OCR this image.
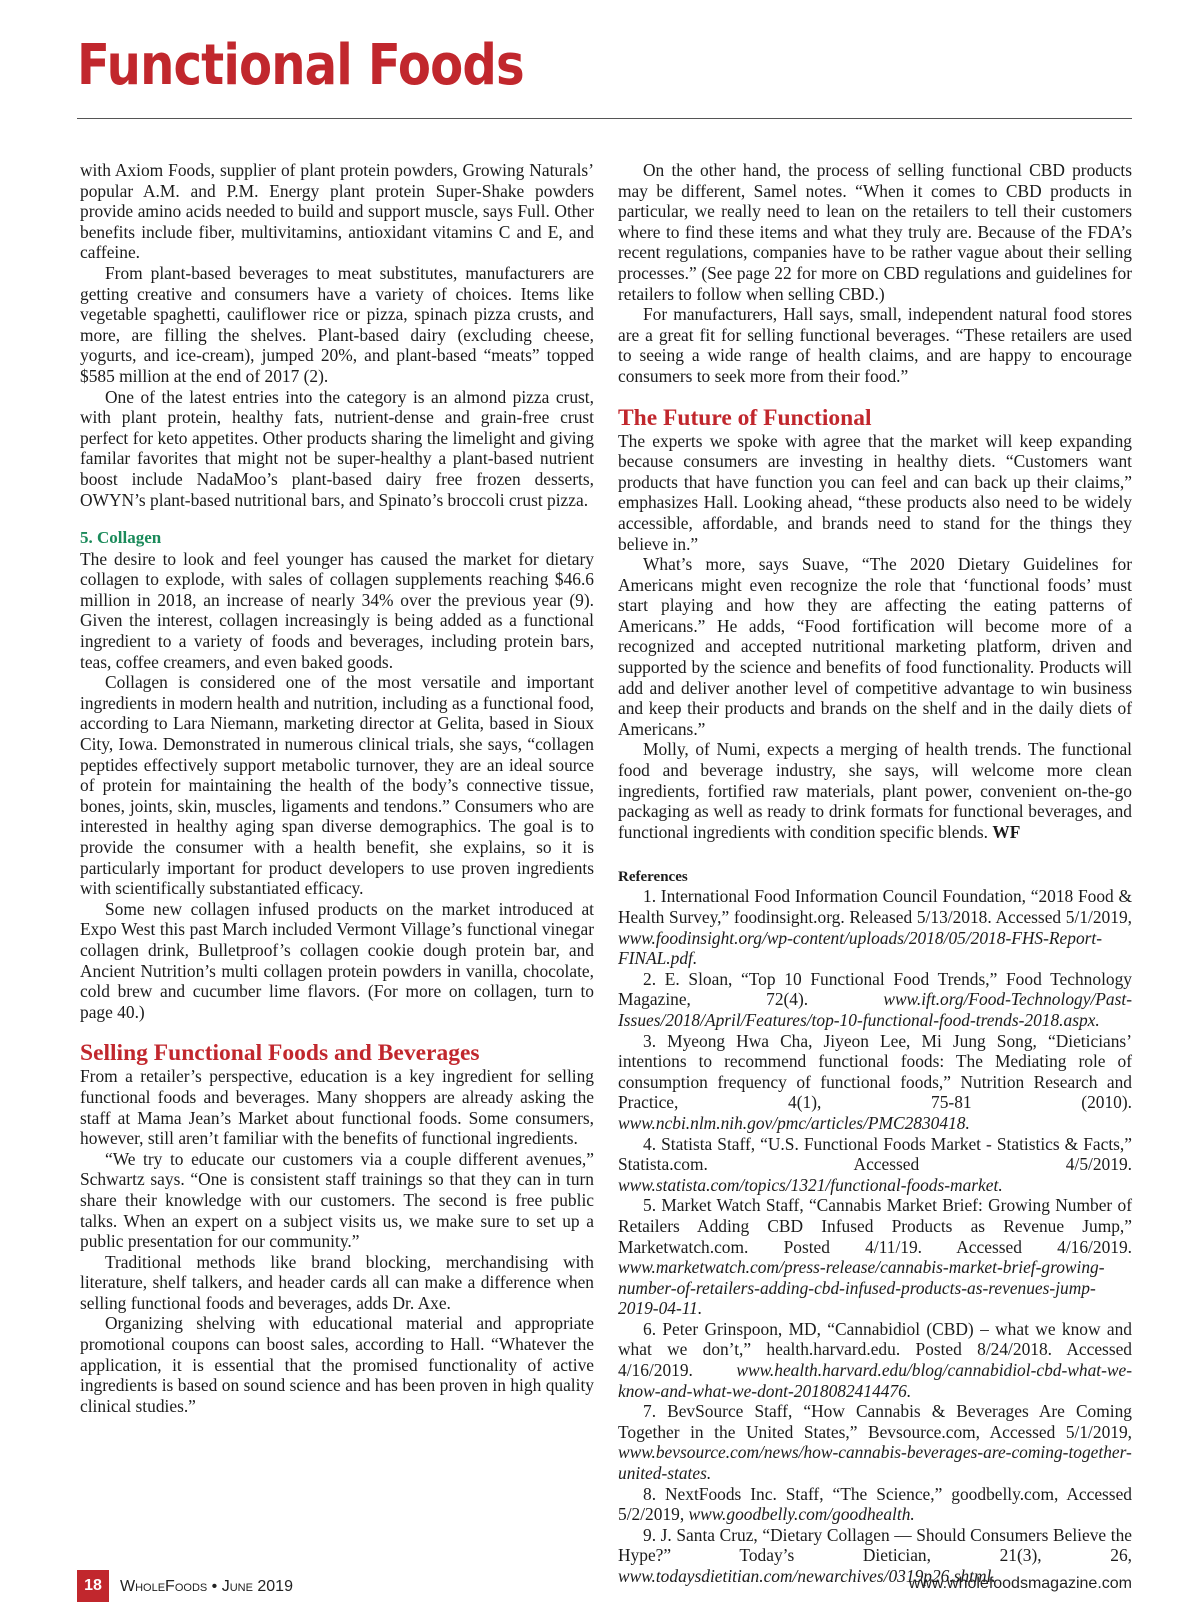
Functional Foods

with Axiom Foods, supplier of plant protein powders, Growing Naturals’ popular A.M. and P.M. Energy plant protein Super-Shake powders provide amino acids needed to build and support muscle, says Full. Other benefits include fiber, multivitamins, antioxidant vitamins C and E, and caffeine.

From plant-based beverages to meat substitutes, manufacturers are getting creative and consumers have a variety of choices. Items like vegetable spaghetti, cauliflower rice or pizza, spinach pizza crusts, and more, are filling the shelves. Plant-based dairy (excluding cheese, yogurts, and ice-cream), jumped 20%, and plant-based “meats” topped $585 million at the end of 2017 (2).

One of the latest entries into the category is an almond pizza crust, with plant protein, healthy fats, nutrient-dense and grain-free crust perfect for keto appetites. Other products sharing the limelight and giving familar favorites that might not be super-healthy a plant-based nutrient boost include NadaMoo’s plant-based dairy free frozen desserts, OWYN’s plant-based nutritional bars, and Spinato’s broccoli crust pizza.

5. Collagen

The desire to look and feel younger has caused the market for dietary collagen to explode, with sales of collagen supplements reaching $46.6 million in 2018, an increase of nearly 34% over the previous year (9). Given the interest, collagen increasingly is being added as a functional ingredient to a variety of foods and beverages, including protein bars, teas, coffee creamers, and even baked goods.

Collagen is considered one of the most versatile and important ingredients in modern health and nutrition, including as a functional food, according to Lara Niemann, marketing director at Gelita, based in Sioux City, Iowa. Demonstrated in numerous clinical trials, she says, “collagen peptides effectively support metabolic turnover, they are an ideal source of protein for maintaining the health of the body’s connective tissue, bones, joints, skin, muscles, ligaments and tendons.” Consumers who are interested in healthy aging span diverse demographics. The goal is to provide the consumer with a health benefit, she explains, so it is particularly important for product developers to use proven ingredients with scientifically substantiated efficacy.

Some new collagen infused products on the market introduced at Expo West this past March included Vermont Village’s functional vinegar collagen drink, Bulletproof’s collagen cookie dough protein bar, and Ancient Nutrition’s multi collagen protein powders in vanilla, chocolate, cold brew and cucumber lime flavors. (For more on collagen, turn to page 40.)

Selling Functional Foods and Beverages

From a retailer’s perspective, education is a key ingredient for selling functional foods and beverages. Many shoppers are already asking the staff at Mama Jean’s Market about functional foods. Some consumers, however, still aren’t familiar with the benefits of functional ingredients.

“We try to educate our customers via a couple different avenues,” Schwartz says. “One is consistent staff trainings so that they can in turn share their knowledge with our customers. The second is free public talks. When an expert on a subject visits us, we make sure to set up a public presentation for our community.”

Traditional methods like brand blocking, merchandising with literature, shelf talkers, and header cards all can make a difference when selling functional foods and beverages, adds Dr. Axe.

Organizing shelving with educational material and appropriate promotional coupons can boost sales, according to Hall. “Whatever the application, it is essential that the promised functionality of active ingredients is based on sound science and has been proven in high quality clinical studies.”

On the other hand, the process of selling functional CBD products may be different, Samel notes. “When it comes to CBD products in particular, we really need to lean on the retailers to tell their customers where to find these items and what they truly are. Because of the FDA’s recent regulations, companies have to be rather vague about their selling processes.” (See page 22 for more on CBD regulations and guidelines for retailers to follow when selling CBD.)

For manufacturers, Hall says, small, independent natural food stores are a great fit for selling functional beverages. “These retailers are used to seeing a wide range of health claims, and are happy to encourage consumers to seek more from their food.”

The Future of Functional

The experts we spoke with agree that the market will keep expanding because consumers are investing in healthy diets. “Customers want products that have function you can feel and can back up their claims,” emphasizes Hall. Looking ahead, “these products also need to be widely accessible, affordable, and brands need to stand for the things they believe in.”

What’s more, says Suave, “The 2020 Dietary Guidelines for Americans might even recognize the role that ‘functional foods’ must start playing and how they are affecting the eating patterns of Americans.” He adds, “Food fortification will become more of a recognized and accepted nutritional marketing platform, driven and supported by the science and benefits of food functionality. Products will add and deliver another level of competitive advantage to win business and keep their products and brands on the shelf and in the daily diets of Americans.”

Molly, of Numi, expects a merging of health trends. The functional food and beverage industry, she says, will welcome more clean ingredients, fortified raw materials, plant power, convenient on-the-go packaging as well as ready to drink formats for functional beverages, and functional ingredients with condition specific blends. WF

References

1. International Food Information Council Foundation, “2018 Food & Health Survey,” foodinsight.org. Released 5/13/2018. Accessed 5/1/2019, www.foodinsight.org/wp-content/uploads/2018/05/2018-FHS-Report-FINAL.pdf.

2. E. Sloan, “Top 10 Functional Food Trends,” Food Technology Magazine, 72(4).	www.ift.org/Food-Technology/Past-Issues/2018/April/Features/top-10-functional-food-trends-2018.aspx.

3. Myeong Hwa Cha, Jiyeon Lee, Mi Jung Song, “Dieticians’ intentions to recommend functional foods: The Mediating role of consumption frequency of functional foods,” Nutrition Research and Practice, 4(1), 75-81 (2010). www.ncbi.nlm.nih.gov/pmc/articles/PMC2830418.

4. Statista Staff, “U.S. Functional Foods Market - Statistics & Facts,” Statista.com. Accessed 4/5/2019. www.statista.com/topics/1321/functional-foods-market.

5. Market Watch Staff, “Cannabis Market Brief: Growing Number of Retailers Adding CBD Infused Products as Revenue Jump,” Marketwatch.com. Posted 4/11/19. Accessed 4/16/2019. www.marketwatch.com/press-release/cannabis-market-brief-growing-number-of-retailers-adding-cbd-infused-products-as-revenues-jump-2019-04-11.

6. Peter Grinspoon, MD, “Cannabidiol (CBD) – what we know and what we don’t,” health.harvard.edu. Posted 8/24/2018. Accessed 4/16/2019.	www.health.harvard.edu/blog/cannabidiol-cbd-what-we-know-and-what-we-dont-2018082414476.

7. BevSource Staff, “How Cannabis & Beverages Are Coming Together in the United States,” Bevsource.com, Accessed 5/1/2019, www.bevsource.com/news/how-cannabis-beverages-are-coming-together-united-states.

8. NextFoods Inc. Staff, “The Science,” goodbelly.com, Accessed 5/2/2019, www.goodbelly.com/goodhealth.

9. J. Santa Cruz, “Dietary Collagen — Should Consumers Believe the Hype?” Today’s Dietician, 21(3), 26, www.todaysdietitian.com/newarchives/0319p26.shtml.

18	WholeFoods • June 2019	www.wholefoodsmagazine.com
